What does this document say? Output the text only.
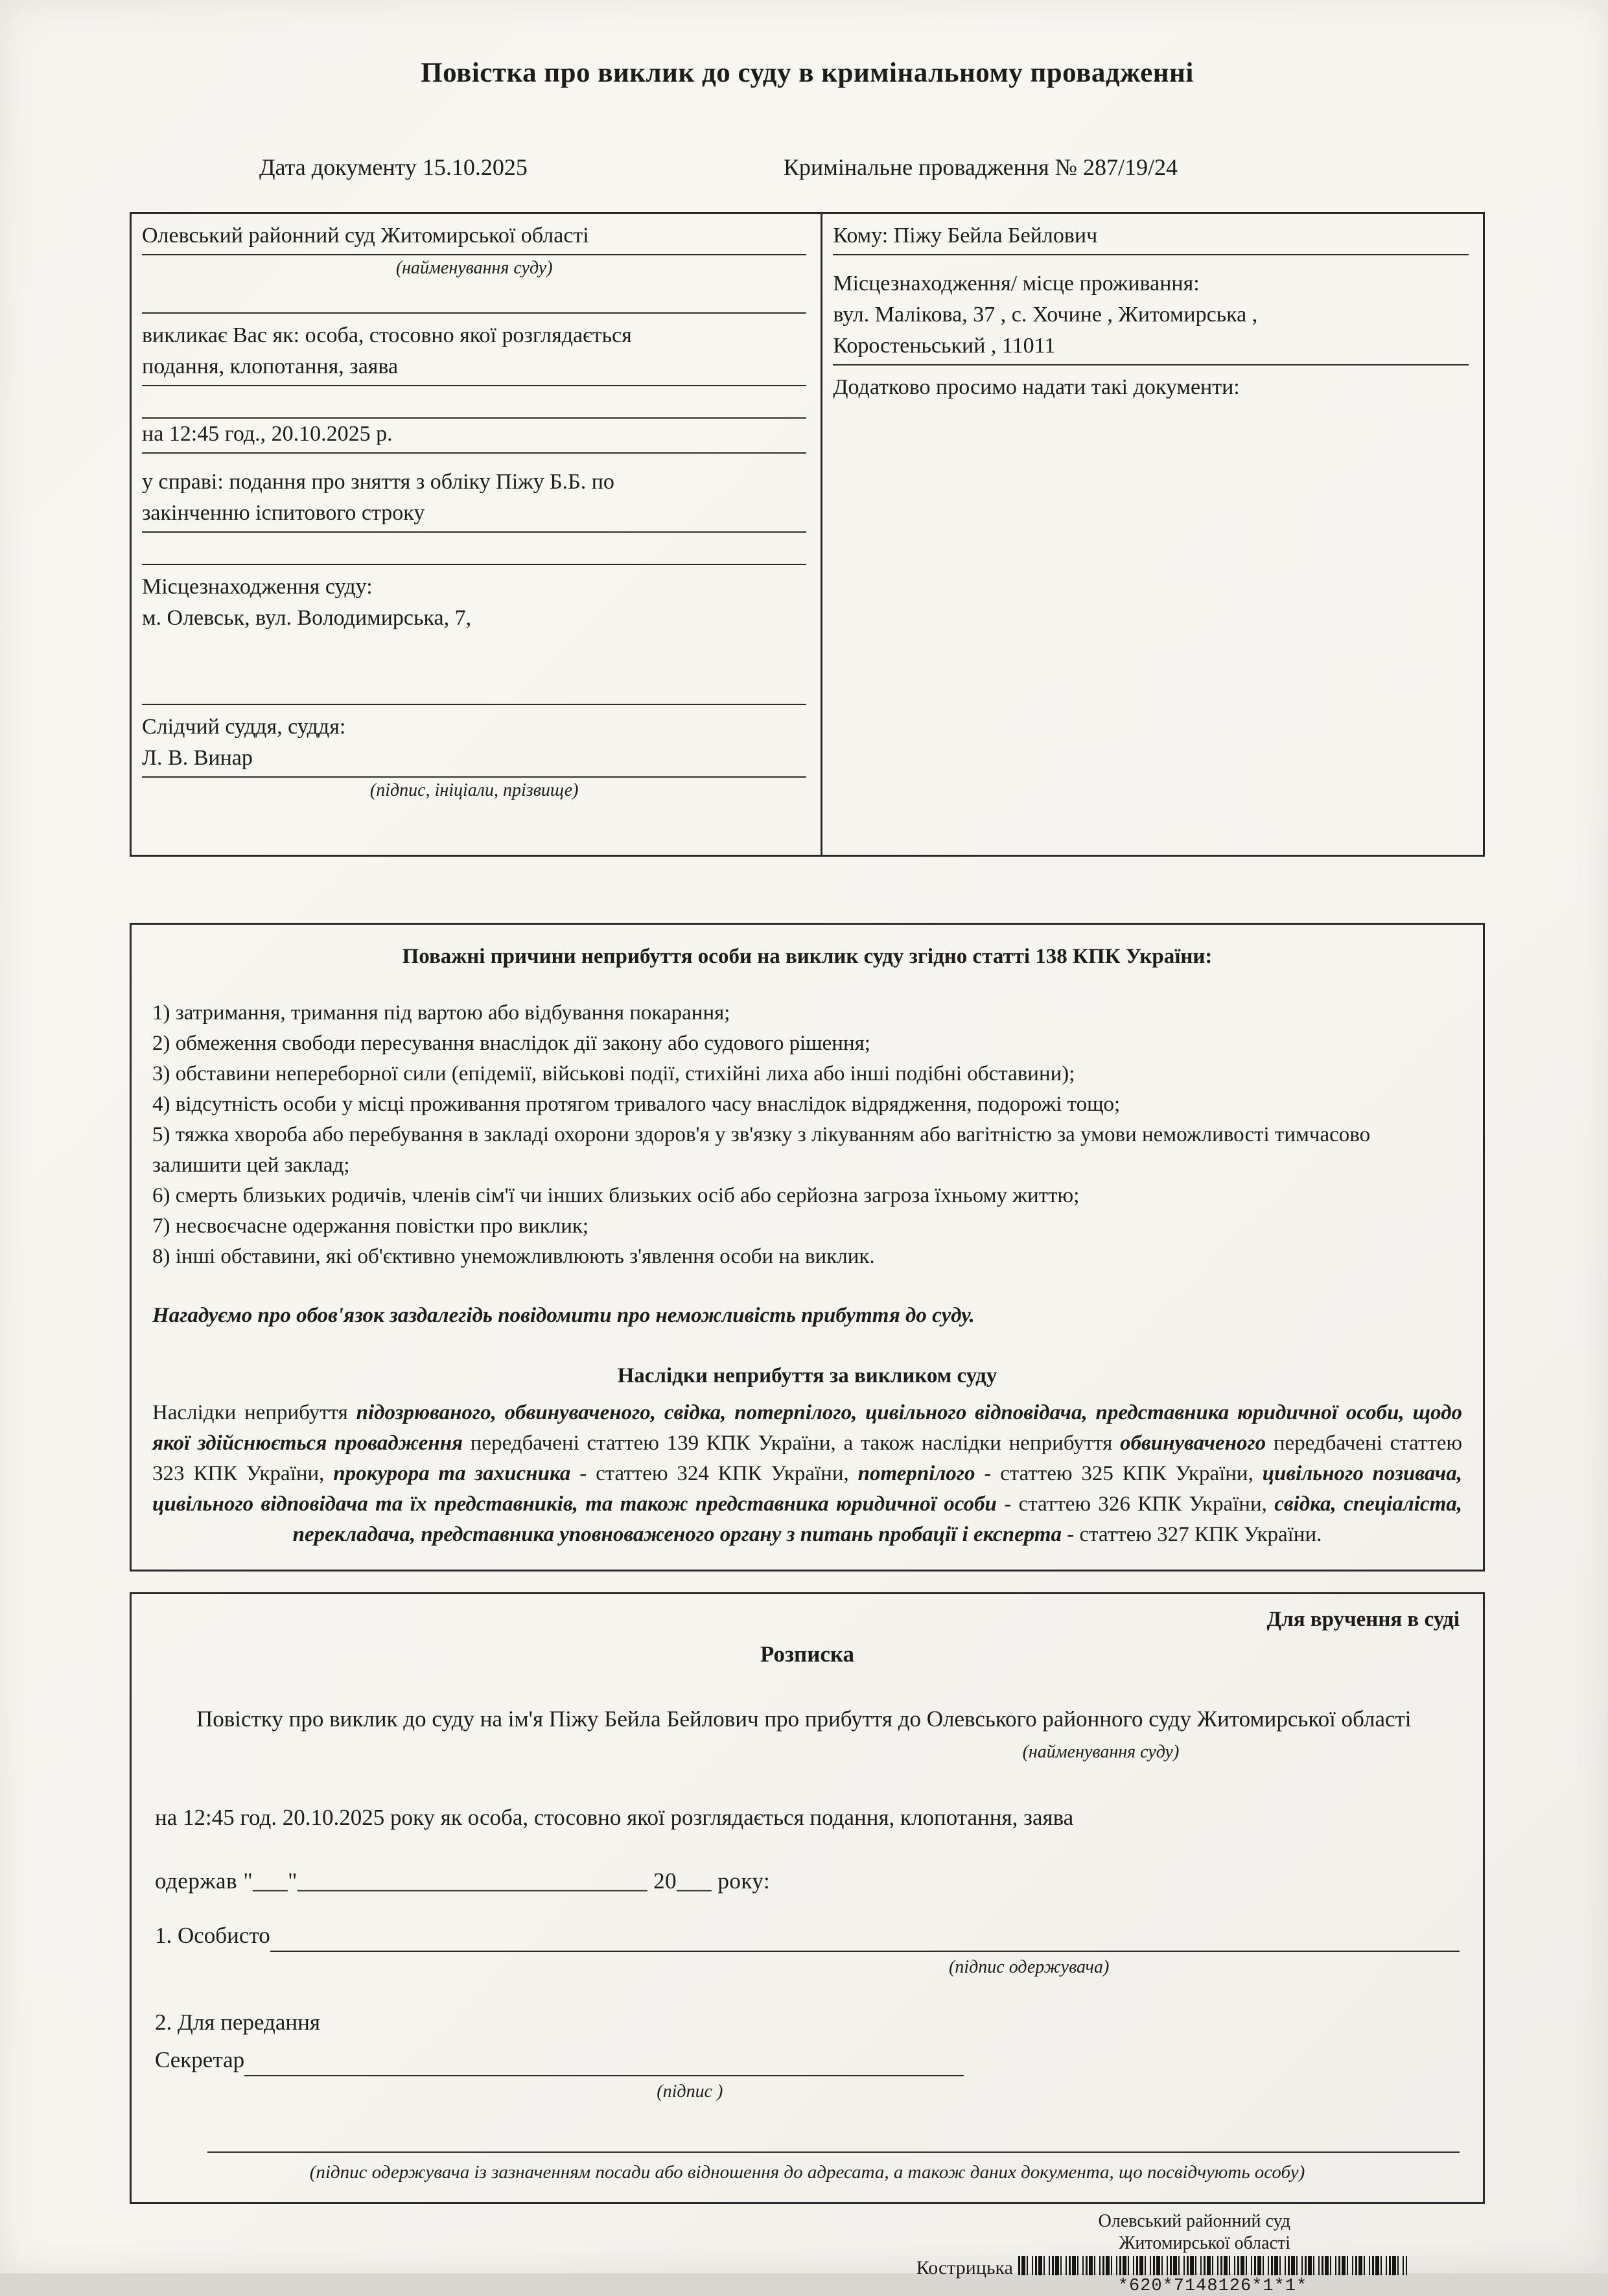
Повістка про виклик до суду в кримінальному провадженні
Дата документу 15.10.2025	Кримінальне провадження № 287/19/24
Олевський районний суд Житомирської області
(найменування суду)
викликає Вас як: особа, стосовно якої розглядається
подання, клопотання, заява
на 12:45 год., 20.10.2025 р.
у справі: подання про зняття з обліку Піжу Б.Б. по
закінченню іспитового строку
Місцезнаходження суду:
м. Олевськ, вул. Володимирська, 7,
Слідчий суддя, суддя:
Л. В. Винар
(підпис, ініціали, прізвище)
Кому: Піжу Бейла Бейлович
Місцезнаходження/ місце проживання:
вул. Малікова, 37 , с. Хочине , Житомирська ,
Коростеньський , 11011
Додатково просимо надати такі документи:
Поважні причини неприбуття особи на виклик суду згідно статті 138 КПК України:
1) затримання, тримання під вартою або відбування покарання;
2) обмеження свободи пересування внаслідок дії закону або судового рішення;
3) обставини непереборної сили (епідемії, військові події, стихійні лиха або інші подібні обставини);
4) відсутність особи у місці проживання протягом тривалого часу внаслідок відрядження, подорожі тощо;
5) тяжка хвороба або перебування в закладі охорони здоров'я у зв'язку з лікуванням або вагітністю за умови неможливості тимчасово залишити цей заклад;
6) смерть близьких родичів, членів сім'ї чи інших близьких осіб або серйозна загроза їхньому життю;
7) несвоєчасне одержання повістки про виклик;
8) інші обставини, які об'єктивно унеможливлюють з'явлення особи на виклик.
Нагадуємо про обов'язок заздалегідь повідомити про неможливість прибуття до суду.
Наслідки неприбуття за викликом суду

Наслідки неприбуття підозрюваного, обвинуваченого, свідка, потерпілого, цивільного відповідача, представника юридичної особи, щодо якої здійснюється провадження передбачені статтею 139 КПК України, а також наслідки неприбуття обвинуваченого передбачені статтею 323 КПК України, прокурора та захисника - статтею 324 КПК України, потерпілого - статтею 325 КПК України, цивільного позивача, цивільного відповідача та їх представників, та також представника юридичної особи - статтею 326 КПК України, свідка, спеціаліста, перекладача, представника уповноваженого органу з питань пробації і експерта - статтею 327 КПК України.

Для вручення в суді
Розписка
Повістку про виклик до суду на ім'я Піжу Бейла Бейлович про прибуття до Олевського районного суду Житомирської області
(найменування суду)
на 12:45 год. 20.10.2025 року як особа, стосовно якої розглядається подання, клопотання, заява
одержав "___"______________________________ 20___ року:
1. Особисто
(підпис одержувача)
2. Для передання
Секретар
(підпис )
(підпис одержувача із зазначенням посади або відношення до адресата, а також даних документа, що посвідчують особу)
Олевський районний суд
Житомирської області
Кострицька
*620*7148126*1*1*
